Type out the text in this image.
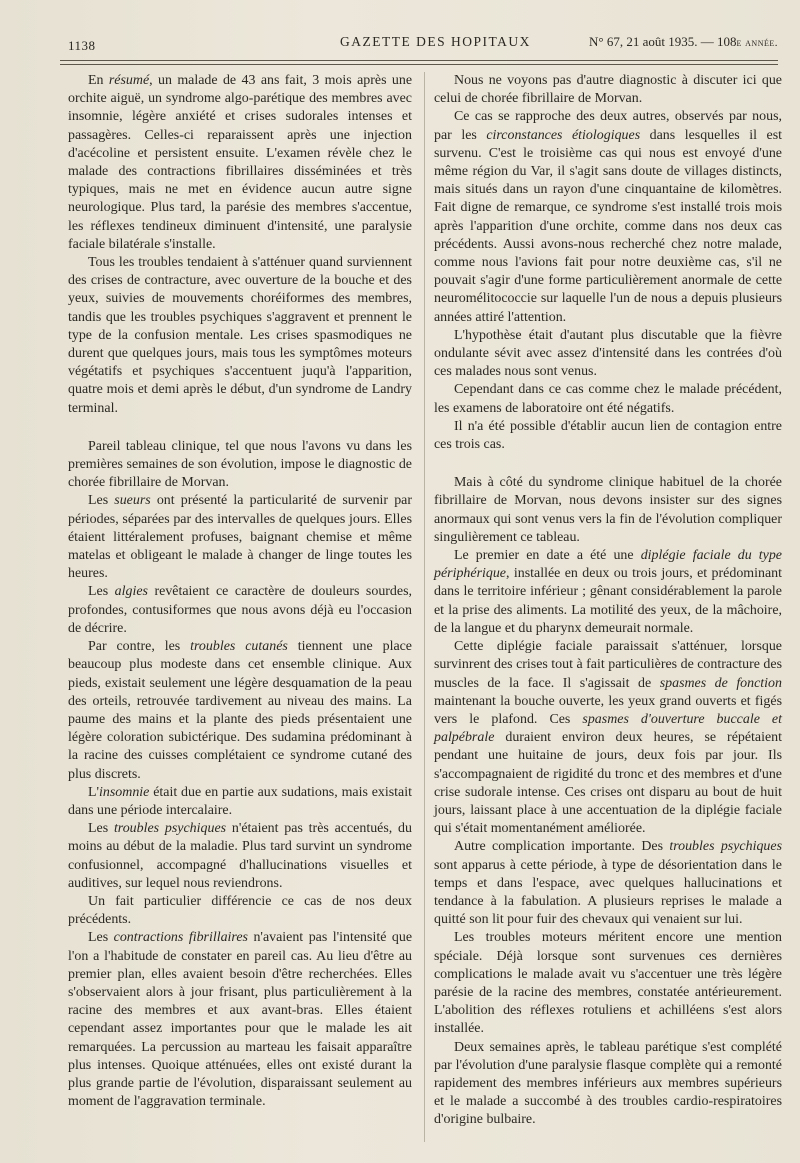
1138	GAZETTE DES HOPITAUX	N° 67, 21 août 1935. — 108e année.

En résumé, un malade de 43 ans fait, 3 mois après une orchite aiguë, un syndrome algo-parétique des membres avec insomnie, légère anxiété et crises sudorales intenses et passagères. Celles-ci reparaissent après une injection d'acécoline et persistent ensuite. L'examen révèle chez le malade des contractions fibrillaires disséminées et très typiques, mais ne met en évidence aucun autre signe neurologique. Plus tard, la parésie des membres s'accentue, les réflexes tendineux diminuent d'intensité, une paralysie faciale bilatérale s'installe.

Tous les troubles tendaient à s'atténuer quand surviennent des crises de contracture, avec ouverture de la bouche et des yeux, suivies de mouvements choréiformes des membres, tandis que les troubles psychiques s'aggravent et prennent le type de la confusion mentale. Les crises spasmodiques ne durent que quelques jours, mais tous les symptômes moteurs végétatifs et psychiques s'accentuent juqu'à l'apparition, quatre mois et demi après le début, d'un syndrome de Landry terminal.

Pareil tableau clinique, tel que nous l'avons vu dans les premières semaines de son évolution, impose le diagnostic de chorée fibrillaire de Morvan.

Les sueurs ont présenté la particularité de survenir par périodes, séparées par des intervalles de quelques jours. Elles étaient littéralement profuses, baignant chemise et même matelas et obligeant le malade à changer de linge toutes les heures.

Les algies revêtaient ce caractère de douleurs sourdes, profondes, contusiformes que nous avons déjà eu l'occasion de décrire.

Par contre, les troubles cutanés tiennent une place beaucoup plus modeste dans cet ensemble clinique. Aux pieds, existait seulement une légère desquamation de la peau des orteils, retrouvée tardivement au niveau des mains. La paume des mains et la plante des pieds présentaient une légère coloration subictérique. Des sudamina prédominant à la racine des cuisses complétaient ce syndrome cutané des plus discrets.

L'insomnie était due en partie aux sudations, mais existait dans une période intercalaire.

Les troubles psychiques n'étaient pas très accentués, du moins au début de la maladie. Plus tard survint un syndrome confusionnel, accompagné d'hallucinations visuelles et auditives, sur lequel nous reviendrons.

Un fait particulier différencie ce cas de nos deux précédents.

Les contractions fibrillaires n'avaient pas l'intensité que l'on a l'habitude de constater en pareil cas. Au lieu d'être au premier plan, elles avaient besoin d'être recherchées. Elles s'observaient alors à jour frisant, plus particulièrement à la racine des membres et aux avant-bras. Elles étaient cependant assez importantes pour que le malade les ait remarquées. La percussion au marteau les faisait apparaître plus intenses. Quoique atténuées, elles ont existé durant la plus grande partie de l'évolution, disparaissant seulement au moment de l'aggravation terminale.

Nous ne voyons pas d'autre diagnostic à discuter ici que celui de chorée fibrillaire de Morvan.

Ce cas se rapproche des deux autres, observés par nous, par les circonstances étiologiques dans lesquelles il est survenu. C'est le troisième cas qui nous est envoyé d'une même région du Var, il s'agit sans doute de villages distincts, mais situés dans un rayon d'une cinquantaine de kilomètres. Fait digne de remarque, ce syndrome s'est installé trois mois après l'apparition d'une orchite, comme dans nos deux cas précédents. Aussi avons-nous recherché chez notre malade, comme nous l'avions fait pour notre deuxième cas, s'il ne pouvait s'agir d'une forme particulièrement anormale de cette neuromélitococcie sur laquelle l'un de nous a depuis plusieurs années attiré l'attention.

L'hypothèse était d'autant plus discutable que la fièvre ondulante sévit avec assez d'intensité dans les contrées d'où ces malades nous sont venus.

Cependant dans ce cas comme chez le malade précédent, les examens de laboratoire ont été négatifs.

Il n'a été possible d'établir aucun lien de contagion entre ces trois cas.

Mais à côté du syndrome clinique habituel de la chorée fibrillaire de Morvan, nous devons insister sur des signes anormaux qui sont venus vers la fin de l'évolution compliquer singulièrement ce tableau.

Le premier en date a été une diplégie faciale du type périphérique, installée en deux ou trois jours, et prédominant dans le territoire inférieur ; gênant considérablement la parole et la prise des aliments. La motilité des yeux, de la mâchoire, de la langue et du pharynx demeurait normale.

Cette diplégie faciale paraissait s'atténuer, lorsque survinrent des crises tout à fait particulières de contracture des muscles de la face. Il s'agissait de spasmes de fonction maintenant la bouche ouverte, les yeux grand ouverts et figés vers le plafond. Ces spasmes d'ouverture buccale et palpébrale duraient environ deux heures, se répétaient pendant une huitaine de jours, deux fois par jour. Ils s'accompagnaient de rigidité du tronc et des membres et d'une crise sudorale intense. Ces crises ont disparu au bout de huit jours, laissant place à une accentuation de la diplégie faciale qui s'était momentanément améliorée.

Autre complication importante. Des troubles psychiques sont apparus à cette période, à type de désorientation dans le temps et dans l'espace, avec quelques hallucinations et tendance à la fabulation. A plusieurs reprises le malade a quitté son lit pour fuir des chevaux qui venaient sur lui.

Les troubles moteurs méritent encore une mention spéciale. Déjà lorsque sont survenues ces dernières complications le malade avait vu s'accentuer une très légère parésie de la racine des membres, constatée antérieurement. L'abolition des réflexes rotuliens et achilléens s'est alors installée.

Deux semaines après, le tableau parétique s'est complété par l'évolution d'une paralysie flasque complète qui a remonté rapidement des membres inférieurs aux membres supérieurs et le malade a succombé à des troubles cardio-respiratoires d'origine bulbaire.
